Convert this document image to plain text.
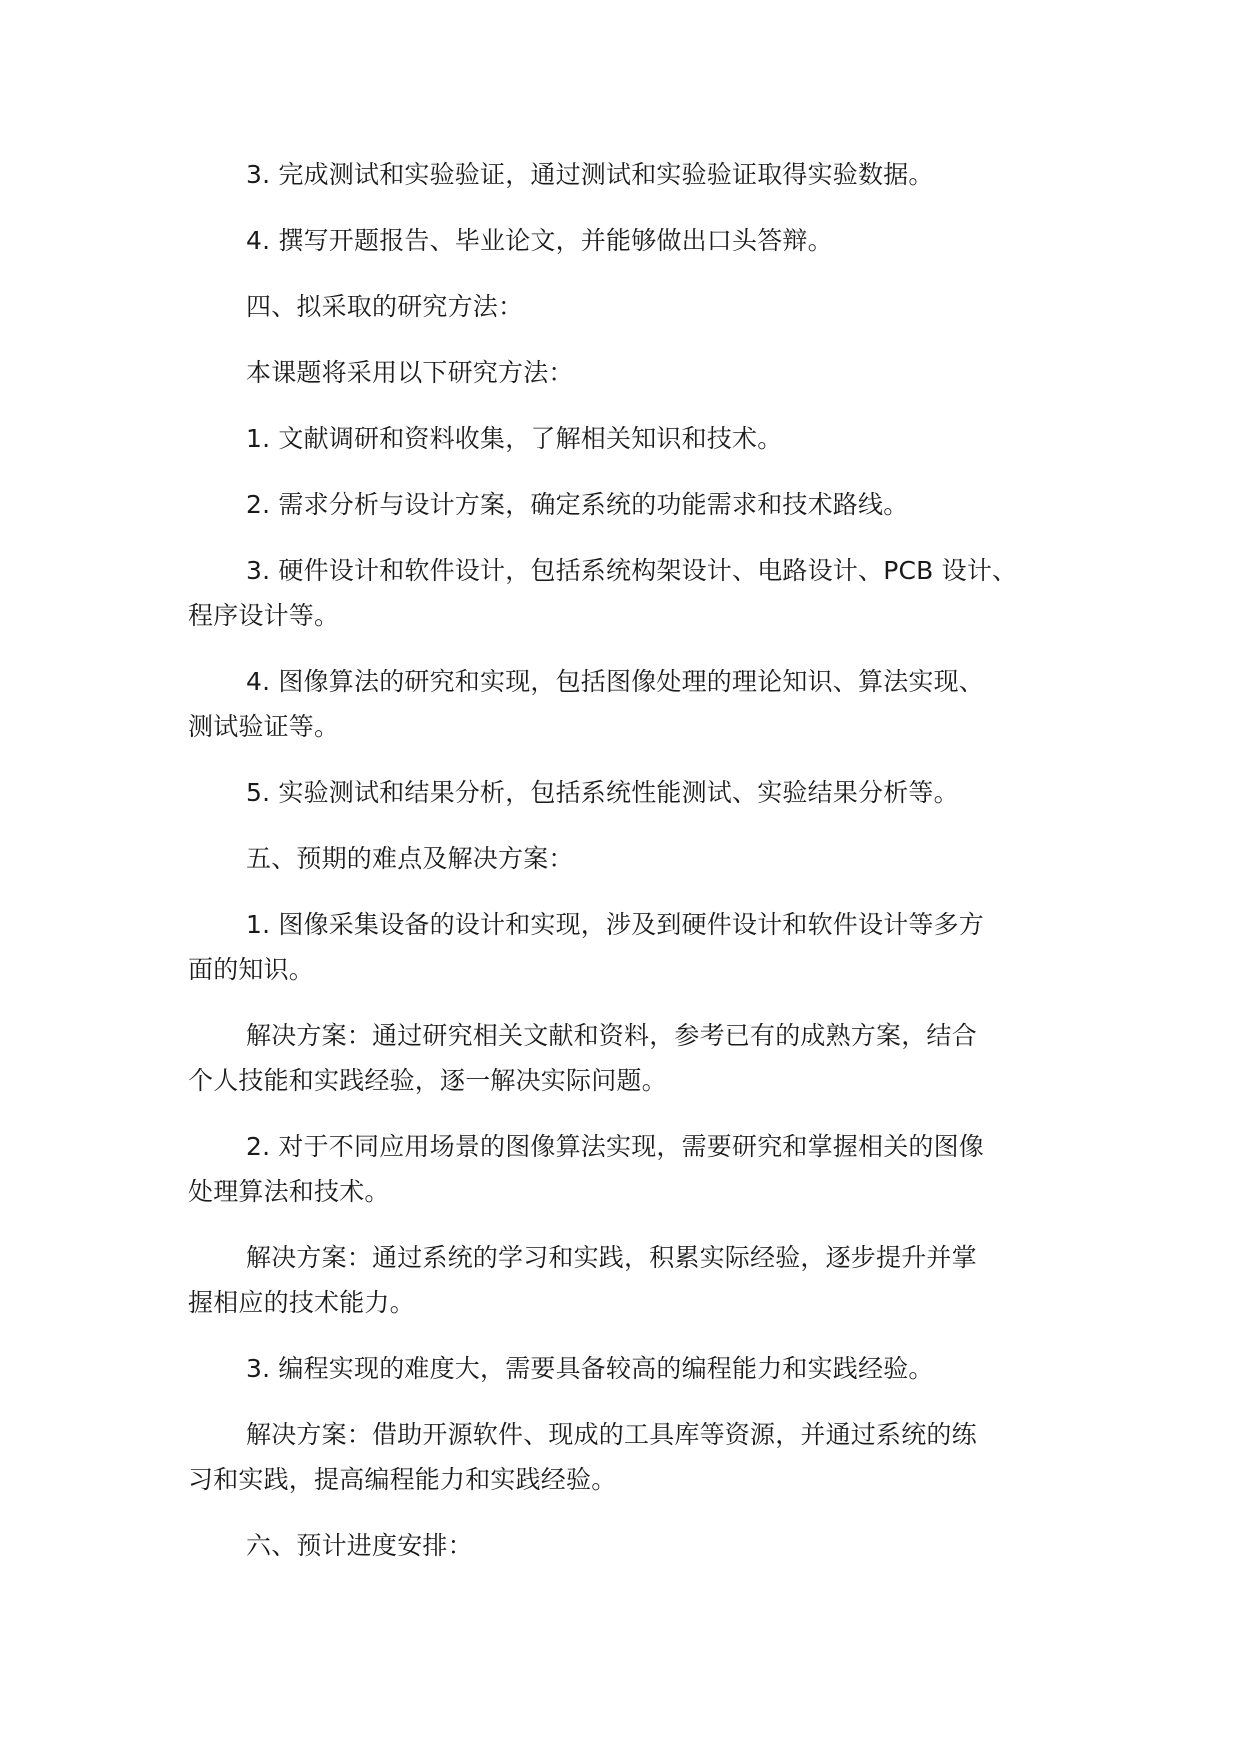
3. 完成测试和实验验证，通过测试和实验验证取得实验数据。
4. 撰写开题报告、毕业论文，并能够做出口头答辩。
四、拟采取的研究方法：
本课题将采用以下研究方法：
1. 文献调研和资料收集，了解相关知识和技术。
2. 需求分析与设计方案，确定系统的功能需求和技术路线。
3. 硬件设计和软件设计，包括系统构架设计、电路设计、PCB 设计、
程序设计等。
4. 图像算法的研究和实现，包括图像处理的理论知识、算法实现、
测试验证等。
5. 实验测试和结果分析，包括系统性能测试、实验结果分析等。
五、预期的难点及解决方案：
1. 图像采集设备的设计和实现，涉及到硬件设计和软件设计等多方
面的知识。
解决方案：通过研究相关文献和资料，参考已有的成熟方案，结合
个人技能和实践经验，逐一解决实际问题。
2. 对于不同应用场景的图像算法实现，需要研究和掌握相关的图像
处理算法和技术。
解决方案：通过系统的学习和实践，积累实际经验，逐步提升并掌
握相应的技术能力。
3. 编程实现的难度大，需要具备较高的编程能力和实践经验。
解决方案：借助开源软件、现成的工具库等资源，并通过系统的练
习和实践，提高编程能力和实践经验。
六、预计进度安排：
